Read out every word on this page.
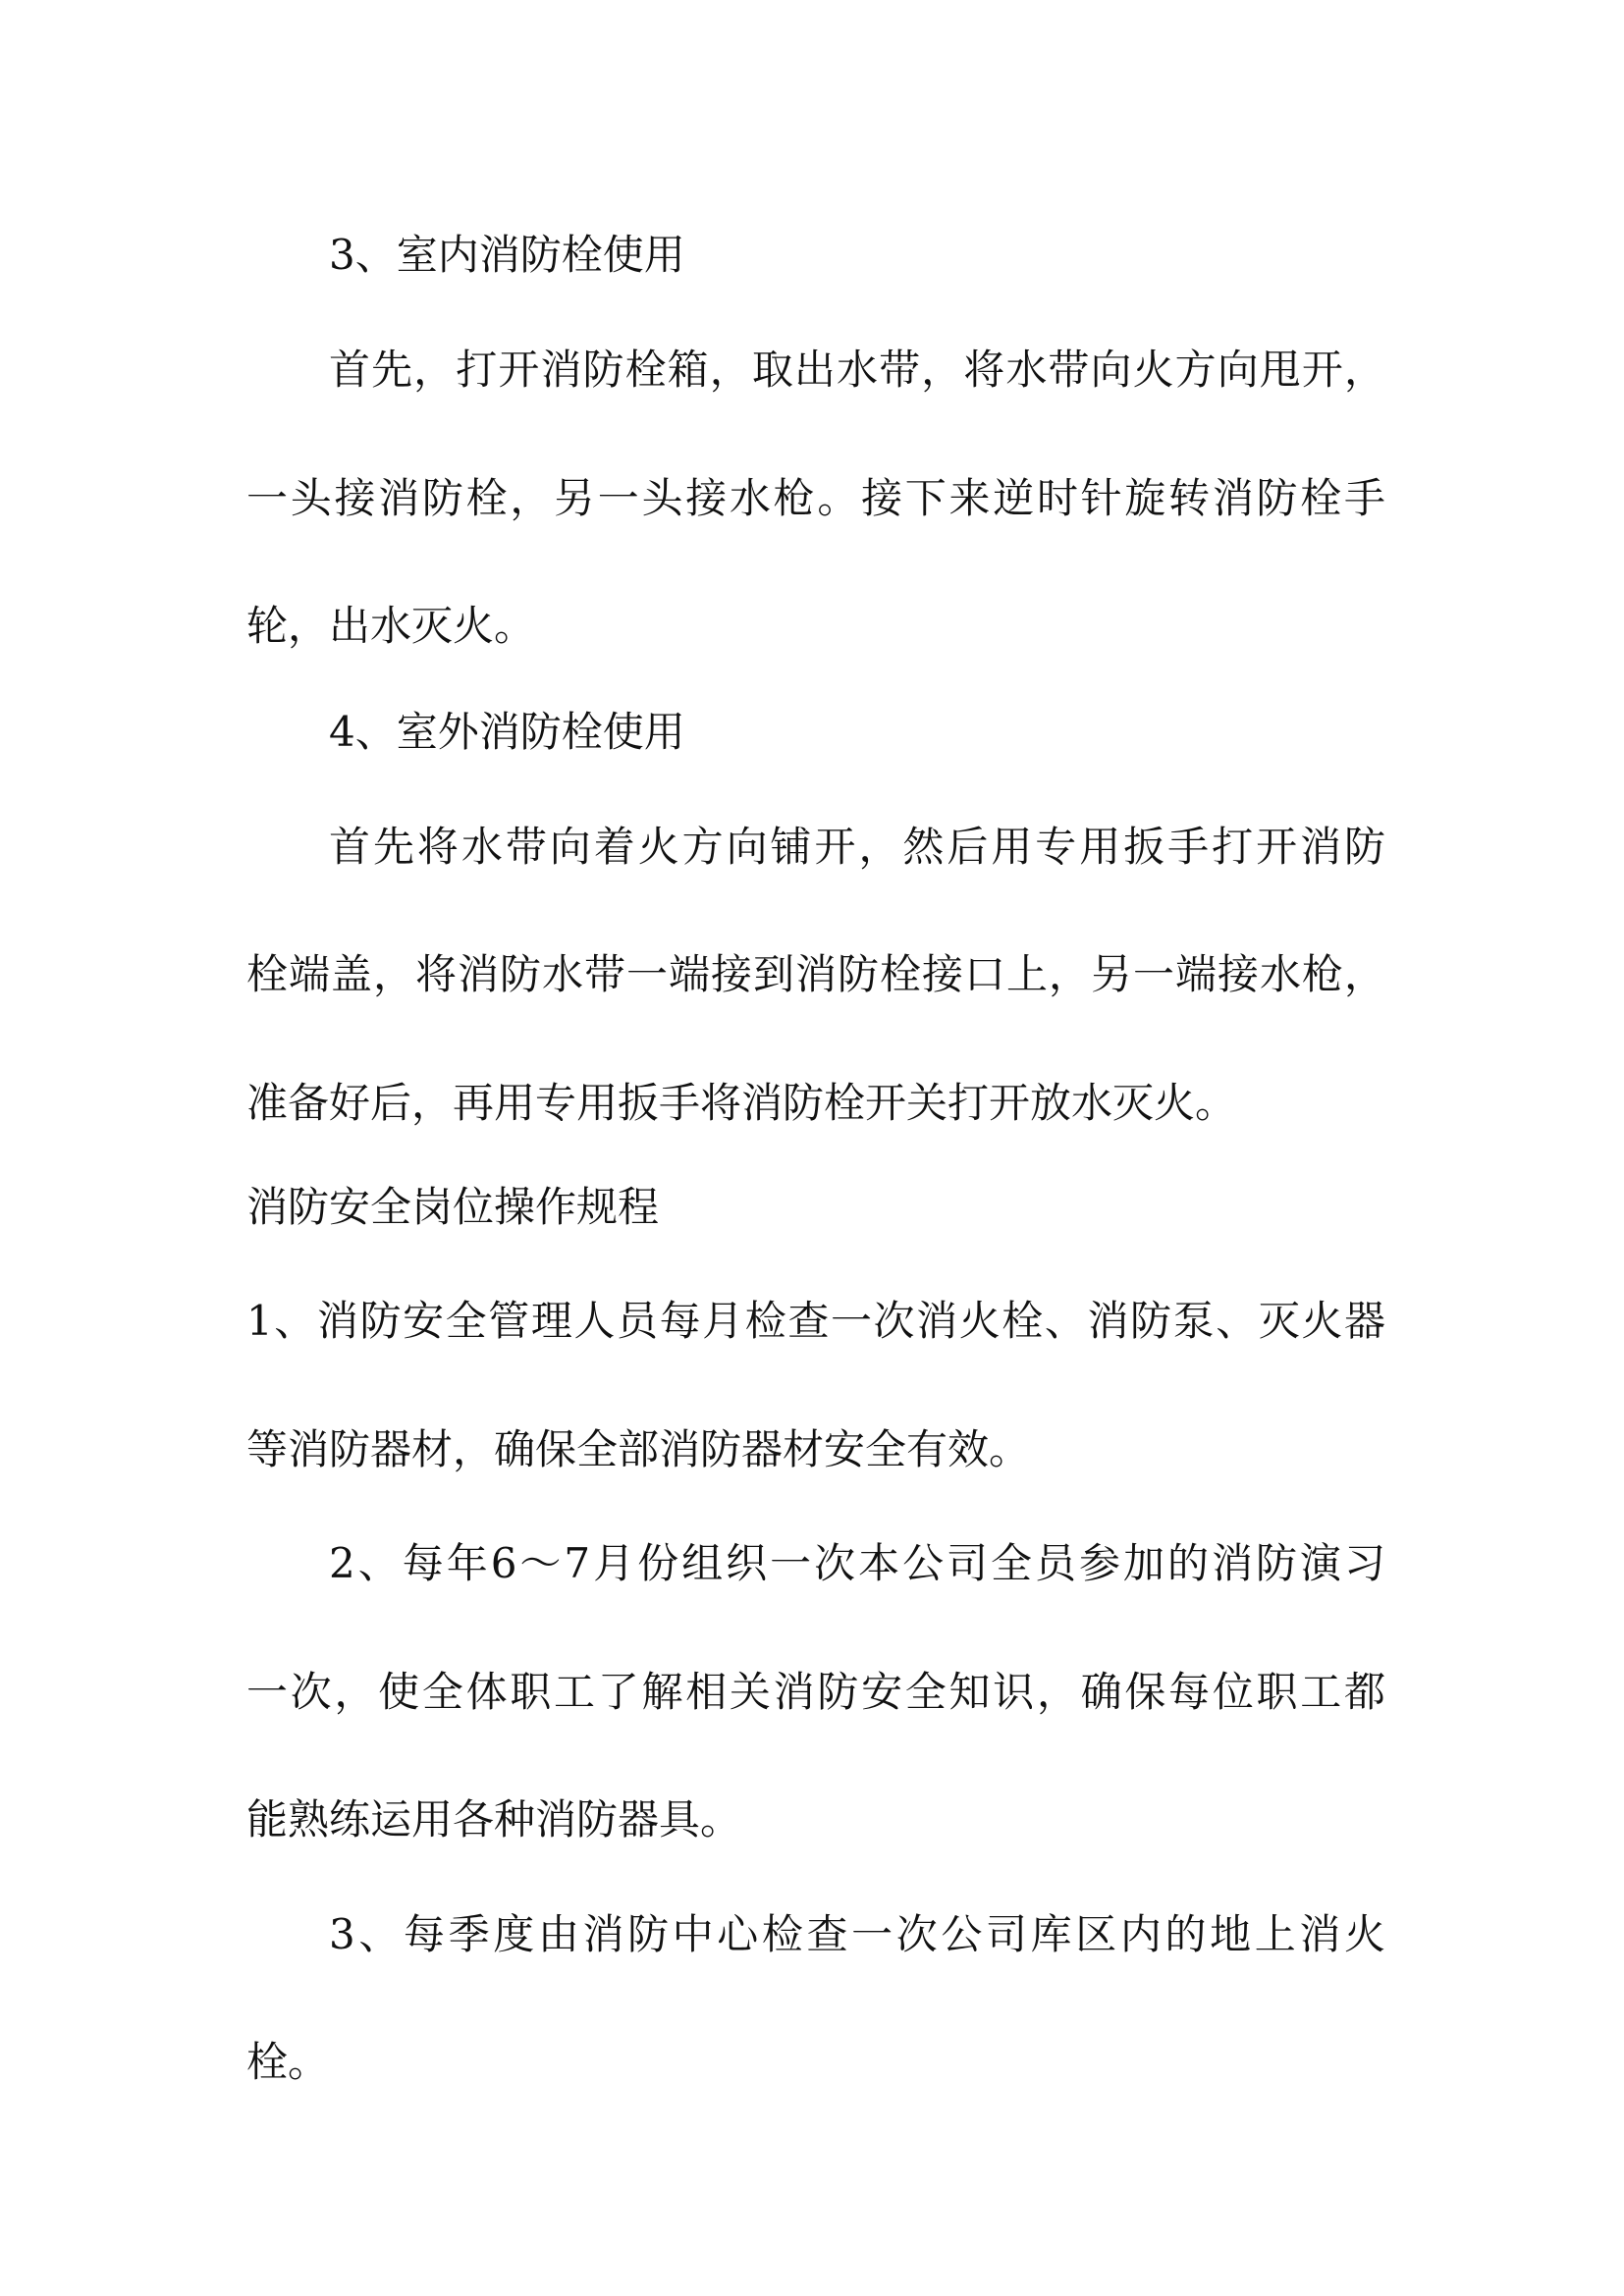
3、室内消防栓使用
首先，打开消防栓箱，取出水带，将水带向火方向甩开，
一头接消防栓，另一头接水枪。接下来逆时针旋转消防栓手
轮，出水灭火。
4、室外消防栓使用
首先将水带向着火方向铺开，然后用专用扳手打开消防
栓端盖，将消防水带一端接到消防栓接口上，另一端接水枪，
准备好后，再用专用扳手将消防栓开关打开放水灭火。
消防安全岗位操作规程
1、消防安全管理人员每月检查一次消火栓、消防泵、灭火器
等消防器材，确保全部消防器材安全有效。
2、每年6～7月份组织一次本公司全员参加的消防演习
一次，使全体职工了解相关消防安全知识，确保每位职工都
能熟练运用各种消防器具。
3、每季度由消防中心检查一次公司库区内的地上消火
栓。
